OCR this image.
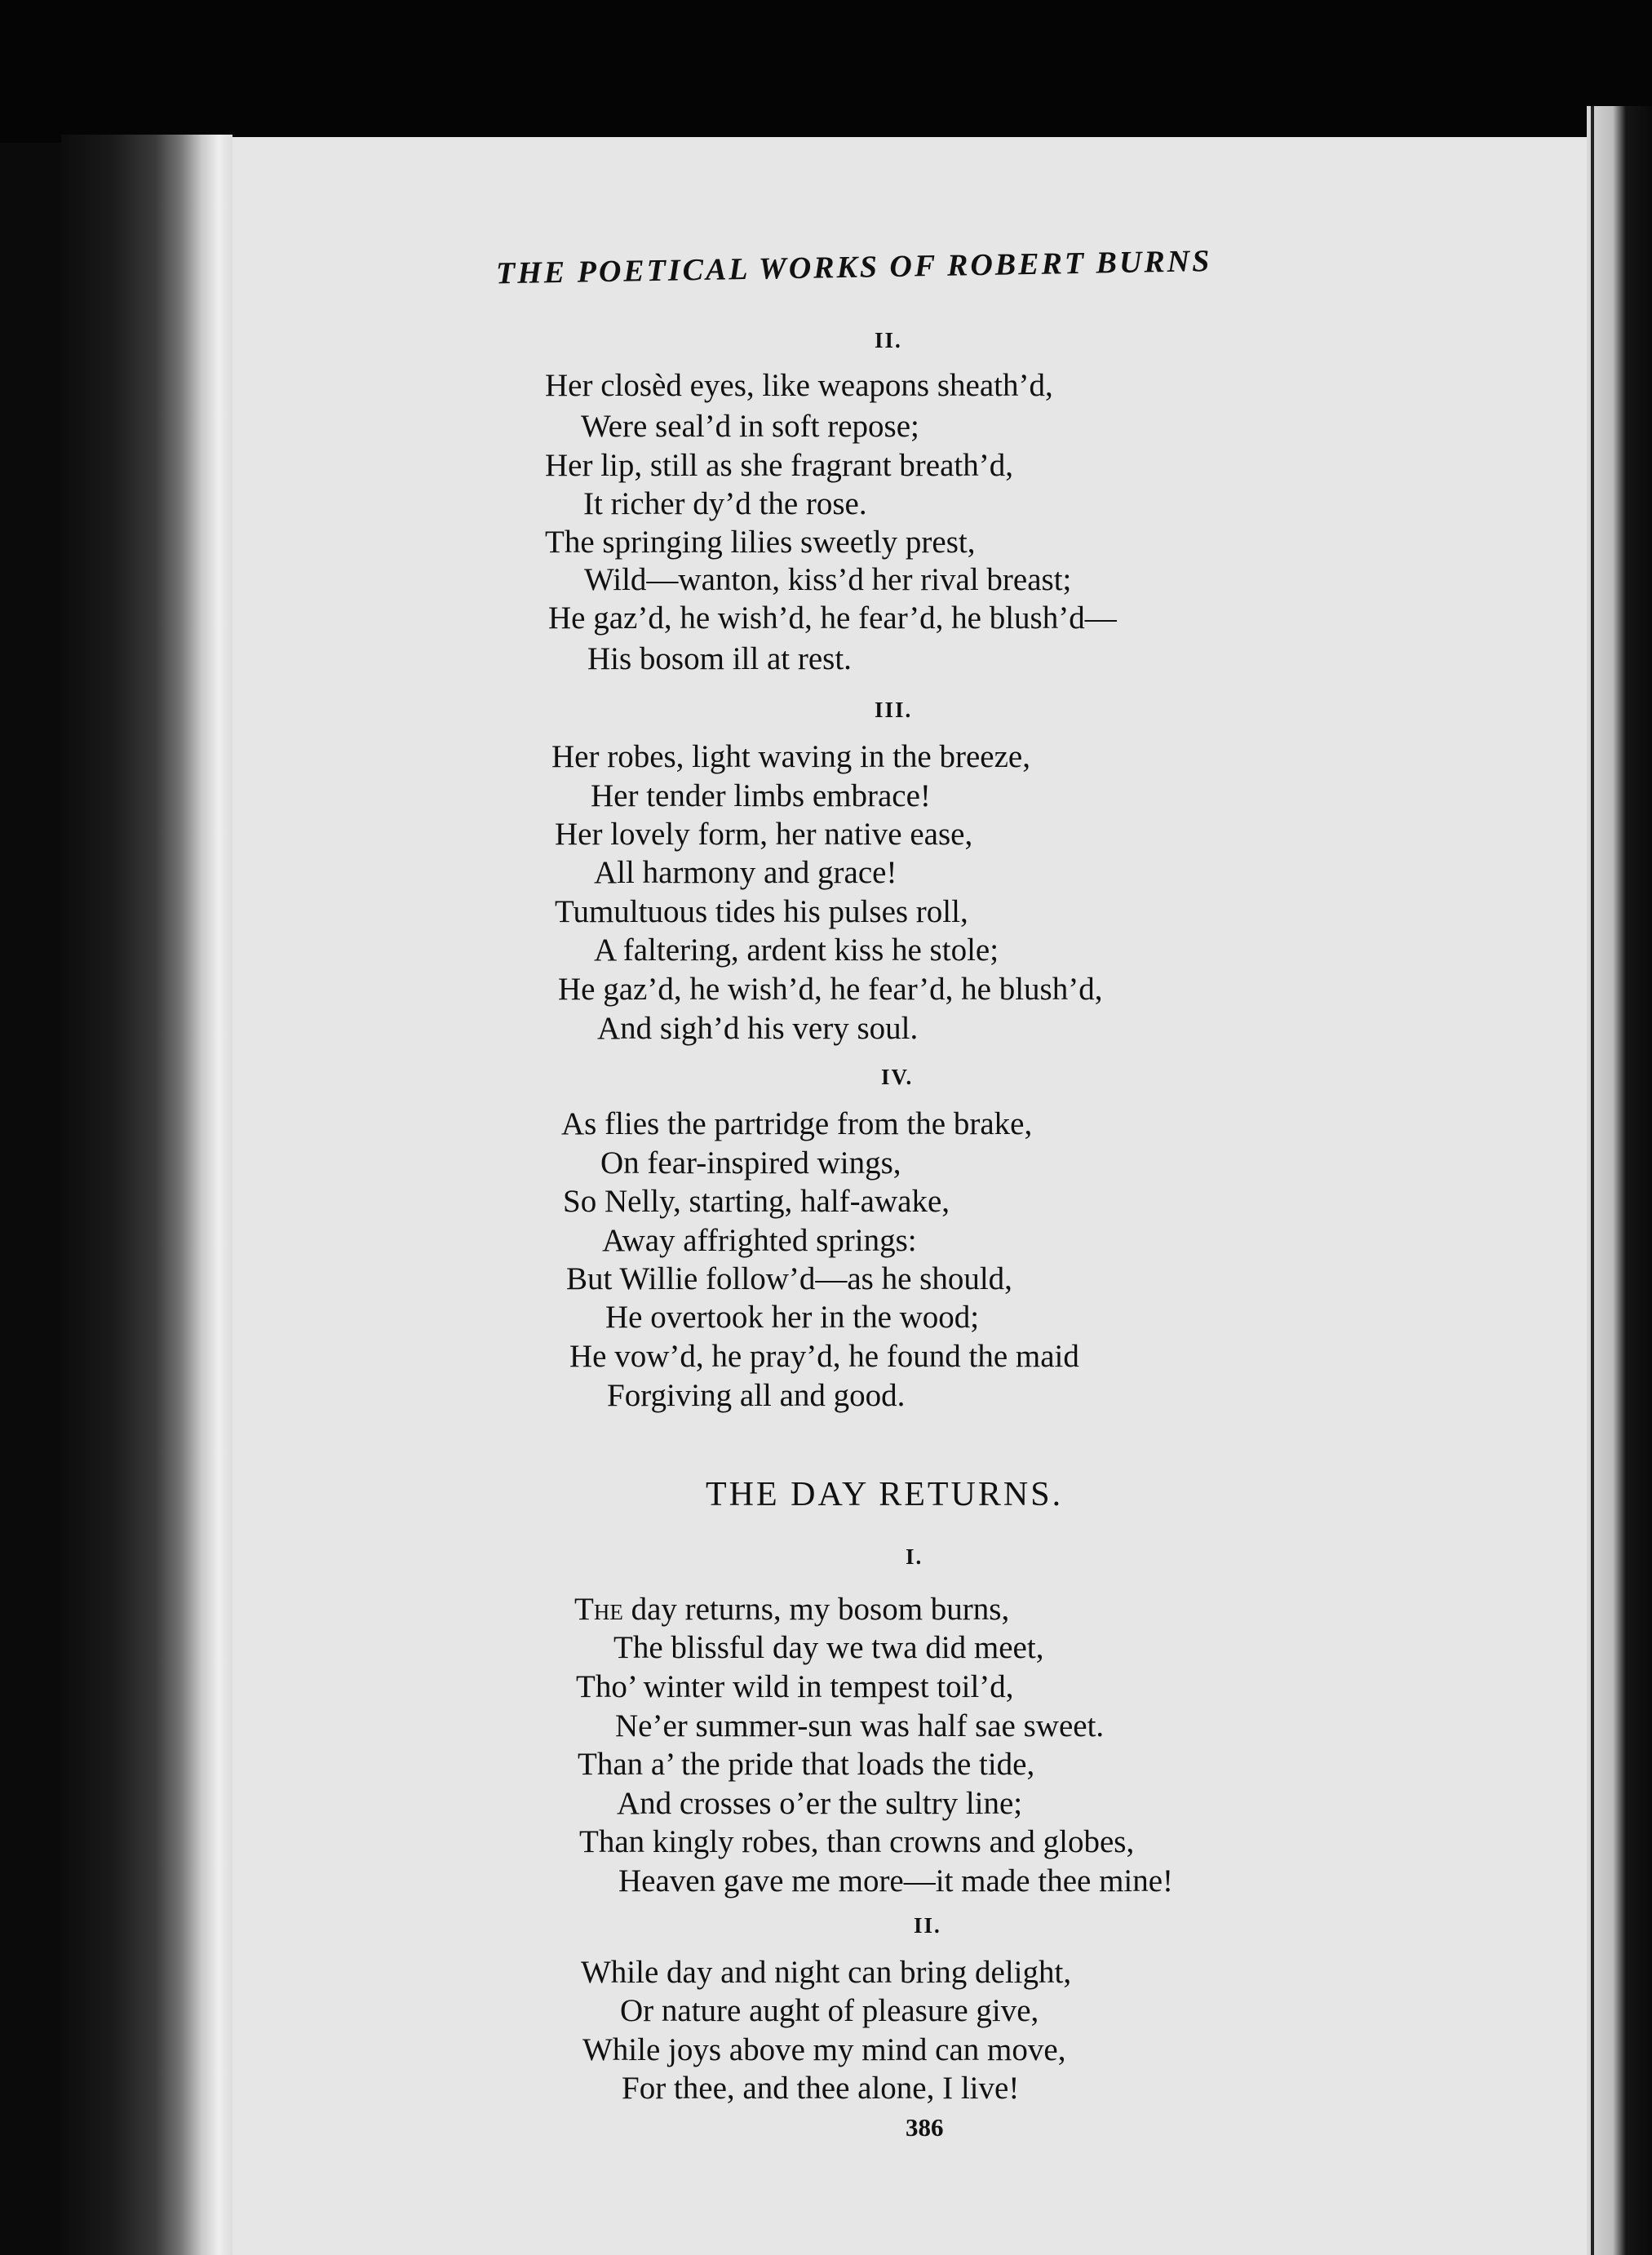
THE POETICAL WORKS OF ROBERT BURNS
II.
Her closèd eyes, like weapons sheath’d,
Were seal’d in soft repose;
Her lip, still as she fragrant breath’d,
It richer dy’d the rose.
The springing lilies sweetly prest,
Wild—wanton, kiss’d her rival breast;
He gaz’d, he wish’d, he fear’d, he blush’d—
His bosom ill at rest.
III.
Her robes, light waving in the breeze,
Her tender limbs embrace!
Her lovely form, her native ease,
All harmony and grace!
Tumultuous tides his pulses roll,
A faltering, ardent kiss he stole;
He gaz’d, he wish’d, he fear’d, he blush’d,
And sigh’d his very soul.
IV.
As flies the partridge from the brake,
On fear-inspired wings,
So Nelly, starting, half-awake,
Away affrighted springs:
But Willie follow’d—as he should,
He overtook her in the wood;
He vow’d, he pray’d, he found the maid
Forgiving all and good.
THE DAY RETURNS.
I.
The day returns, my bosom burns,
The blissful day we twa did meet,
Tho’ winter wild in tempest toil’d,
Ne’er summer-sun was half sae sweet.
Than a’ the pride that loads the tide,
And crosses o’er the sultry line;
Than kingly robes, than crowns and globes,
Heaven gave me more—it made thee mine!
II.
While day and night can bring delight,
Or nature aught of pleasure give,
While joys above my mind can move,
For thee, and thee alone, I live!
386
